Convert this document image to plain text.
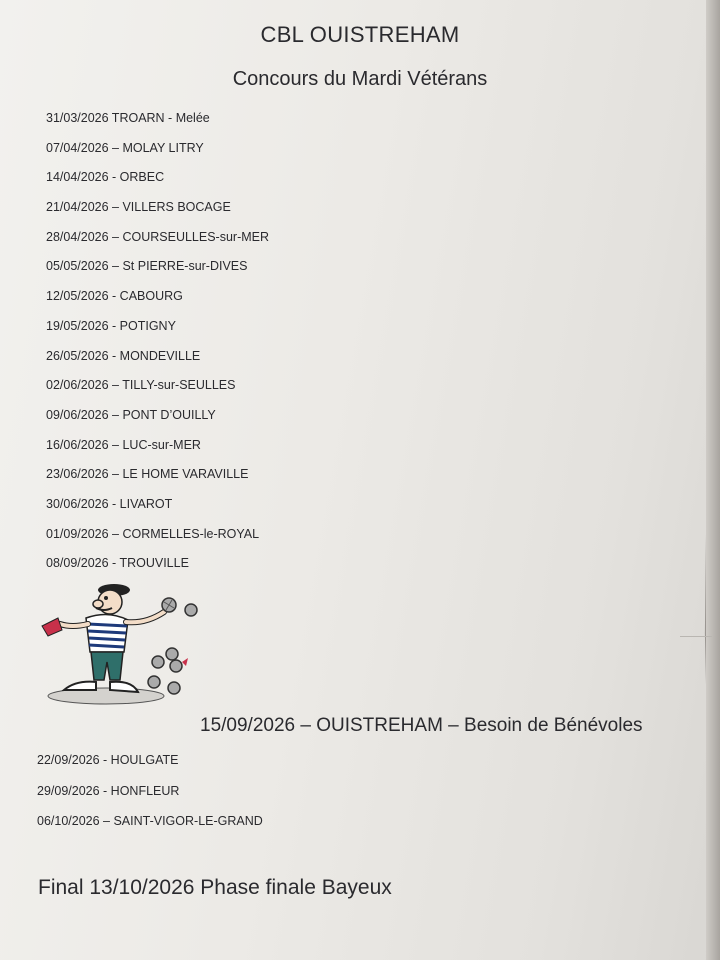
CBL OUISTREHAM
Concours du Mardi Vétérans
31/03/2026 TROARN - Melée
07/04/2026 – MOLAY LITRY
14/04/2026 - ORBEC
21/04/2026 – VILLERS BOCAGE
28/04/2026 – COURSEULLES-sur-MER
05/05/2026 – St PIERRE-sur-DIVES
12/05/2026 - CABOURG
19/05/2026 - POTIGNY
26/05/2026 - MONDEVILLE
02/06/2026 – TILLY-sur-SEULLES
09/06/2026 – PONT D’OUILLY
16/06/2026 – LUC-sur-MER
23/06/2026 – LE HOME VARAVILLE
30/06/2026 - LIVAROT
01/09/2026 – CORMELLES-le-ROYAL
08/09/2026 - TROUVILLE
15/09/2026 – OUISTREHAM – Besoin de Bénévoles
22/09/2026 - HOULGATE
29/09/2026 - HONFLEUR
06/10/2026 – SAINT-VIGOR-LE-GRAND
Final 13/10/2026 Phase finale Bayeux
